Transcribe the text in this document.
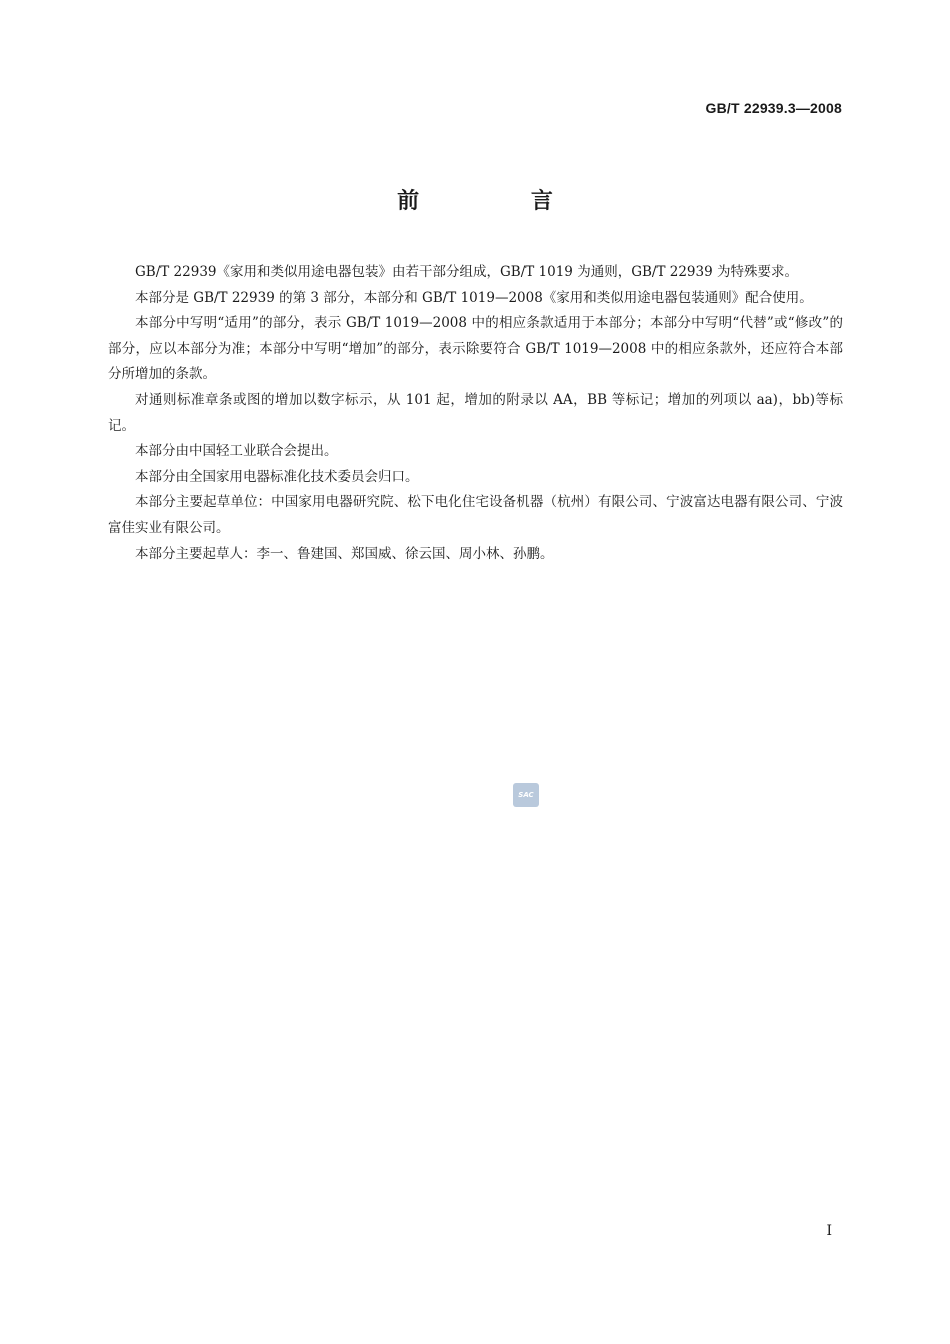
GB/T 22939.3—2008
前 言

GB/T 22939《家用和类似用途电器包装》由若干部分组成，GB/T 1019 为通则，GB/T 22939 为特殊要求。

本部分是 GB/T 22939 的第 3 部分，本部分和 GB/T 1019—2008《家用和类似用途电器包装通则》配合使用。

本部分中写明“适用”的部分，表示 GB/T 1019—2008 中的相应条款适用于本部分；本部分中写明“代替”或“修改”的部分，应以本部分为准；本部分中写明“增加”的部分，表示除要符合 GB/T 1019—2008 中的相应条款外，还应符合本部分所增加的条款。

对通则标准章条或图的增加以数字标示，从 101 起，增加的附录以 AA，BB 等标记；增加的列项以 aa)，bb)等标记。

本部分由中国轻工业联合会提出。

本部分由全国家用电器标准化技术委员会归口。

本部分主要起草单位：中国家用电器研究院、松下电化住宅设备机器（杭州）有限公司、宁波富达电器有限公司、宁波富佳实业有限公司。

本部分主要起草人：李一、鲁建国、郑国威、徐云国、周小林、孙鹏。

SAC
I
